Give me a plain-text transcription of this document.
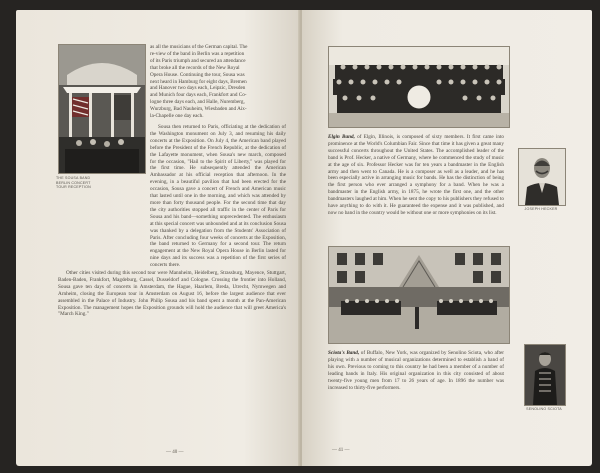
THE SOUSA BAND
BERLIN CONCERT
TOUR RECEPTION
as all the musicians of the German capital. The
re-view of the band in Berlin was a repetition
of its Paris triumph and secured an attendance
that broke all the records of the New Royal
Opera House. Continuing the tour, Sousa was
next heard in Hamburg for eight days, Bremen
and Hanover two days each, Leipzic, Dresden
and Munich four days each, Frankfort and Co-
logne three days each, and Halle, Nuremberg,
Wurzburg, Bad Nauheim, Wiesbaden and Aix-
la-Chapelle one day each.

Sousa then returned to Paris, officiating at the dedication of the Washington monument on July 3, and resuming his daily concerts at the Exposition. On July 4, the American band played before the President of the French Republic, at the dedication of the Lafayette monument, when Sousa's new march, composed for the occasion, "Hail to the Spirit of Liberty," was played for the first time. He subsequently attended the American Ambassador at his official reception that afternoon. In the evening, in a beautiful pavilion that had been erected for the occasion, Sousa gave a concert of French and American music that lasted until one in the morning, and which was attended by more than forty thousand people. For the second time that day the city authorities stopped all traffic in the center of Paris for Sousa and his band—something unprecedented. The enthusiasm at this special concert was unbounded and at its conclusion Sousa was thanked by a delegation from the Students' Association of Paris. After concluding four weeks of concerts at the Exposition, the band returned to Germany for a second tour. The return engagement at the New Royal Opera House in Berlin lasted for nine days and its success was a repetition of the first series of concerts there.

Other cities visited during this second tour were Mannheim, Heidelberg, Strassburg, Mayence, Stuttgart, Baden-Baden, Frankfort, Magdeburg, Cassel, Dusseldorf and Cologne. Crossing the frontier into Holland, Sousa gave ten days of concerts in Amsterdam, the Hague, Haarlem, Breda, Utrecht, Nymwegen and Arnheim, closing the European tour in Amsterdam on August 16, before the largest audience that ever assembled in the Palace of Industry. John Philip Sousa and his band spent a month at the Pan-American Exposition. The management hopes the Exposition grounds will hold the audience that will greet America's "March King."

— 40 —

Elgin Band, of Elgin, Illinois, is composed of sixty members. It first came into prominence at the World's Columbian Fair. Since that time it has given a great many successful concerts throughout the United States. The accomplished leader of the band is Prof. Hecker, a native of Germany, where he commenced the study of music at the age of six. Professor Hecker was for ten years a bandmaster in the English army and then went to Canada. He is a composer as well as a leader, and he has been especially active in arranging music for bands. He has the distinction of being the first person who ever arranged a symphony for a band. When he was a bandmaster in the English army, in 1875, he wrote the first one, and the other bandmasters laughed at him. When he sent the copy to his publishers they refused to have anything to do with it. He guaranteed the expense and it was published, and now no band in the country would be without one or more symphonies on its list.

JOSEPH HECKER

Sciota's Band, of Buffalo, New York, was organized by Senolino Sciota, who after playing with a number of musical organizations determined to establish a band of his own. Previous to coming to this country he had been a member of a number of leading bands in Italy. His original organization in this city consisted of about twenty-five young men from 17 to 26 years of age. In 1896 the number was increased to thirty-five performers.

SENOLINO SCIOTA
— 41 —
